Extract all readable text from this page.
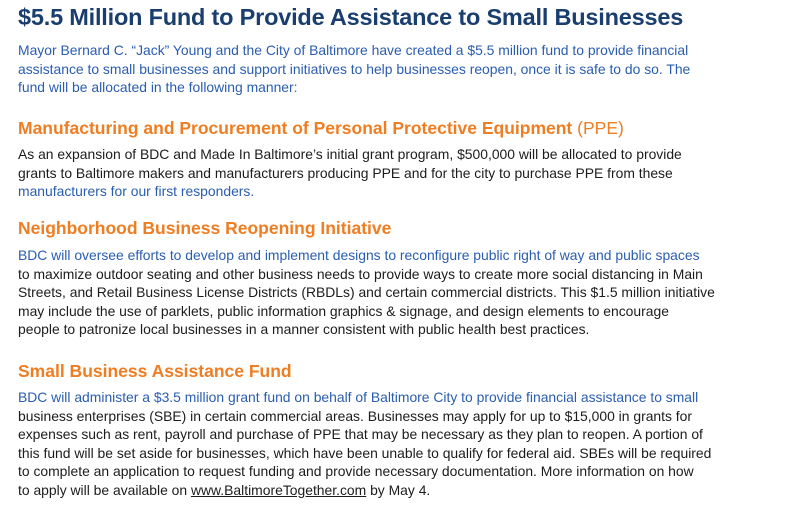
$5.5 Million Fund to Provide Assistance to Small Businesses
Mayor Bernard C. “Jack” Young and the City of Baltimore have created a $5.5 million fund to provide financial
assistance to small businesses and support initiatives to help businesses reopen, once it is safe to do so. The
fund will be allocated in the following manner:
Manufacturing and Procurement of Personal Protective Equipment (PPE)
As an expansion of BDC and Made In Baltimore’s initial grant program, $500,000 will be allocated to provide
grants to Baltimore makers and manufacturers producing PPE and for the city to purchase PPE from these
manufacturers for our first responders.
Neighborhood Business Reopening Initiative
BDC will oversee efforts to develop and implement designs to reconfigure public right of way and public spaces
to maximize outdoor seating and other business needs to provide ways to create more social distancing in Main
Streets, and Retail Business License Districts (RBDLs) and certain commercial districts. This $1.5 million initiative
may include the use of parklets, public information graphics & signage, and design elements to encourage
people to patronize local businesses in a manner consistent with public health best practices.
Small Business Assistance Fund
BDC will administer a $3.5 million grant fund on behalf of Baltimore City to provide financial assistance to small
business enterprises (SBE) in certain commercial areas. Businesses may apply for up to $15,000 in grants for
expenses such as rent, payroll and purchase of PPE that may be necessary as they plan to reopen. A portion of
this fund will be set aside for businesses, which have been unable to qualify for federal aid. SBEs will be required
to complete an application to request funding and provide necessary documentation. More information on how
to apply will be available on www.BaltimoreTogether.com by May 4.
